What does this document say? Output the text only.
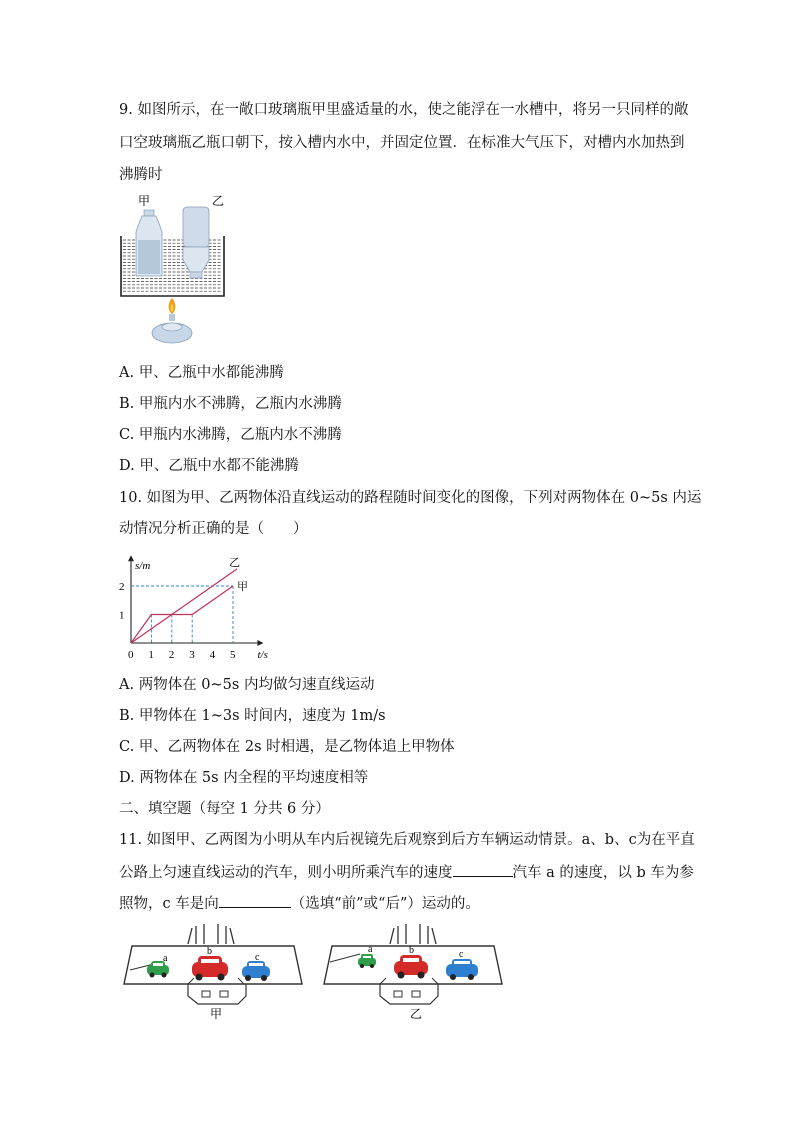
9. 如图所示，在一敞口玻璃瓶甲里盛适量的水，使之能浮在一水槽中，将另一只同样的敞
口空玻璃瓶乙瓶口朝下，按入槽内水中，并固定位置．在标准大气压下，对槽内水加热到
沸腾时
甲	乙
A. 甲、乙瓶中水都能沸腾
B. 甲瓶内水不沸腾，乙瓶内水沸腾
C. 甲瓶内水沸腾，乙瓶内水不沸腾
D. 甲、乙瓶中水都不能沸腾
10. 如图为甲、乙两物体沿直线运动的路程随时间变化的图像，下列对两物体在 0~5s 内运
动情况分析正确的是（　　）
甲
乙
1 2 3 4 5
1
2
0	t/s
s/m
A. 两物体在 0~5s 内均做匀速直线运动
B. 甲物体在 1~3s 时间内，速度为 1m/s
C. 甲、乙两物体在 2s 时相遇，是乙物体追上甲物体
D. 两物体在 5s 内全程的平均速度相等
二、填空题（每空 1 分共 6 分）
11. 如图甲、乙两图为小明从车内后视镜先后观察到后方车辆运动情景。a、b、c为在平直
公路上匀速直线运动的汽车，则小明所乘汽车的速度	汽车 a 的速度，以 b 车为参
照物，c 车是向	（选填“前”或“后”）运动的。
a
b
c
甲
a	b	c
乙
